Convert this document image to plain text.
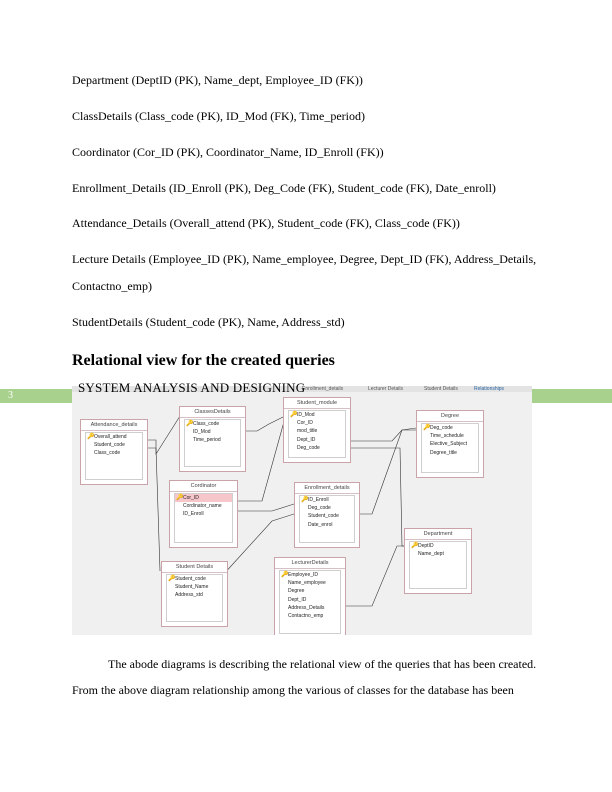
Department (DeptID (PK), Name_dept, Employee_ID (FK))

ClassDetails (Class_code (PK), ID_Mod (FK), Time_period)

Coordinator (Cor_ID (PK), Coordinator_Name, ID_Enroll (FK))

Enrollment_Details (ID_Enroll (PK), Deg_Code (FK), Student_code (FK), Date_enroll)

Attendance_Details (Overall_attend (PK), Student_code (FK), Class_code (FK))

Lecture Details (Employee_ID (PK), Name_employee, Degree, Dept_ID (FK), Address_Details,

Contactno_emp)

StudentDetails (Student_code (PK), Name, Address_std)

Relational view for the created queries
3
Enrollment_details	Lecturer Details	Student Details	Relationships
Attendance_details
🔑 Overall_attend
Student_code
Class_code
ClassesDetails
🔑 Class_code
ID_Mod
Time_period
Student_module
🔑 ID_Mod
Cor_ID
mod_title
Dept_ID
Deg_code
Degree
🔑 Deg_code
Time_schedule
Elective_Subject
Degree_title
Cordinator
🔑 Cor_ID
Cordinator_name
ID_Enroll
Enrollment_details
🔑 ID_Enroll
Deg_code
Student_code
Date_enrol
Department
🔑 DeptID
Name_dept
Student Details
🔑 Student_code
Student_Name
Address_std
LecturerDetails
🔑 Employee_ID
Name_employee
Degree
Dept_ID
Address_Details
Contactno_emp
SYSTEM ANALYSIS AND DESIGNING

The abode diagrams is describing the relational view of the queries that has been created.

From the above diagram relationship among the various of classes for the database has been
